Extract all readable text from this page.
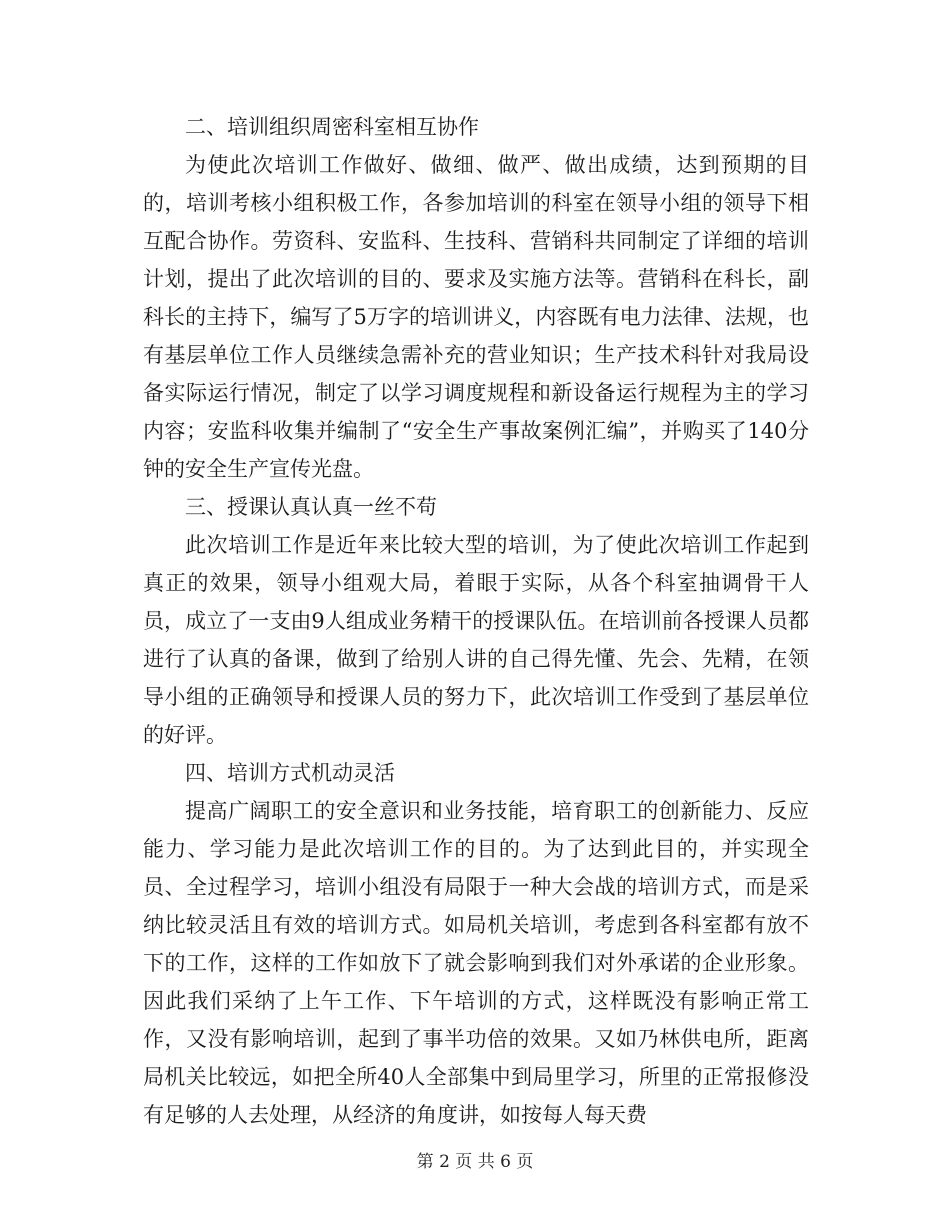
二、培训组织周密科室相互协作

为使此次培训工作做好、做细、做严、做出成绩，达到预期的目的，培训考核小组积极工作，各参加培训的科室在领导小组的领导下相互配合协作。劳资科、安监科、生技科、营销科共同制定了详细的培训计划，提出了此次培训的目的、要求及实施方法等。营销科在科长，副科长的主持下，编写了5万字的培训讲义，内容既有电力法律、法规，也有基层单位工作人员继续急需补充的营业知识；生产技术科针对我局设备实际运行情况，制定了以学习调度规程和新设备运行规程为主的学习内容；安监科收集并编制了“安全生产事故案例汇编”，并购买了140分钟的安全生产宣传光盘。

三、授课认真认真一丝不苟

此次培训工作是近年来比较大型的培训，为了使此次培训工作起到真正的效果，领导小组观大局，着眼于实际，从各个科室抽调骨干人员，成立了一支由9人组成业务精干的授课队伍。在培训前各授课人员都进行了认真的备课，做到了给别人讲的自己得先懂、先会、先精，在领导小组的正确领导和授课人员的努力下，此次培训工作受到了基层单位的好评。

四、培训方式机动灵活

提高广阔职工的安全意识和业务技能，培育职工的创新能力、反应能力、学习能力是此次培训工作的目的。为了达到此目的，并实现全员、全过程学习，培训小组没有局限于一种大会战的培训方式，而是采纳比较灵活且有效的培训方式。如局机关培训，考虑到各科室都有放不下的工作，这样的工作如放下了就会影响到我们对外承诺的企业形象。因此我们采纳了上午工作、下午培训的方式，这样既没有影响正常工作，又没有影响培训，起到了事半功倍的效果。又如乃林供电所，距离局机关比较远，如把全所40人全部集中到局里学习，所里的正常报修没有足够的人去处理，从经济的角度讲，如按每人每天费

第 2 页 共 6 页
